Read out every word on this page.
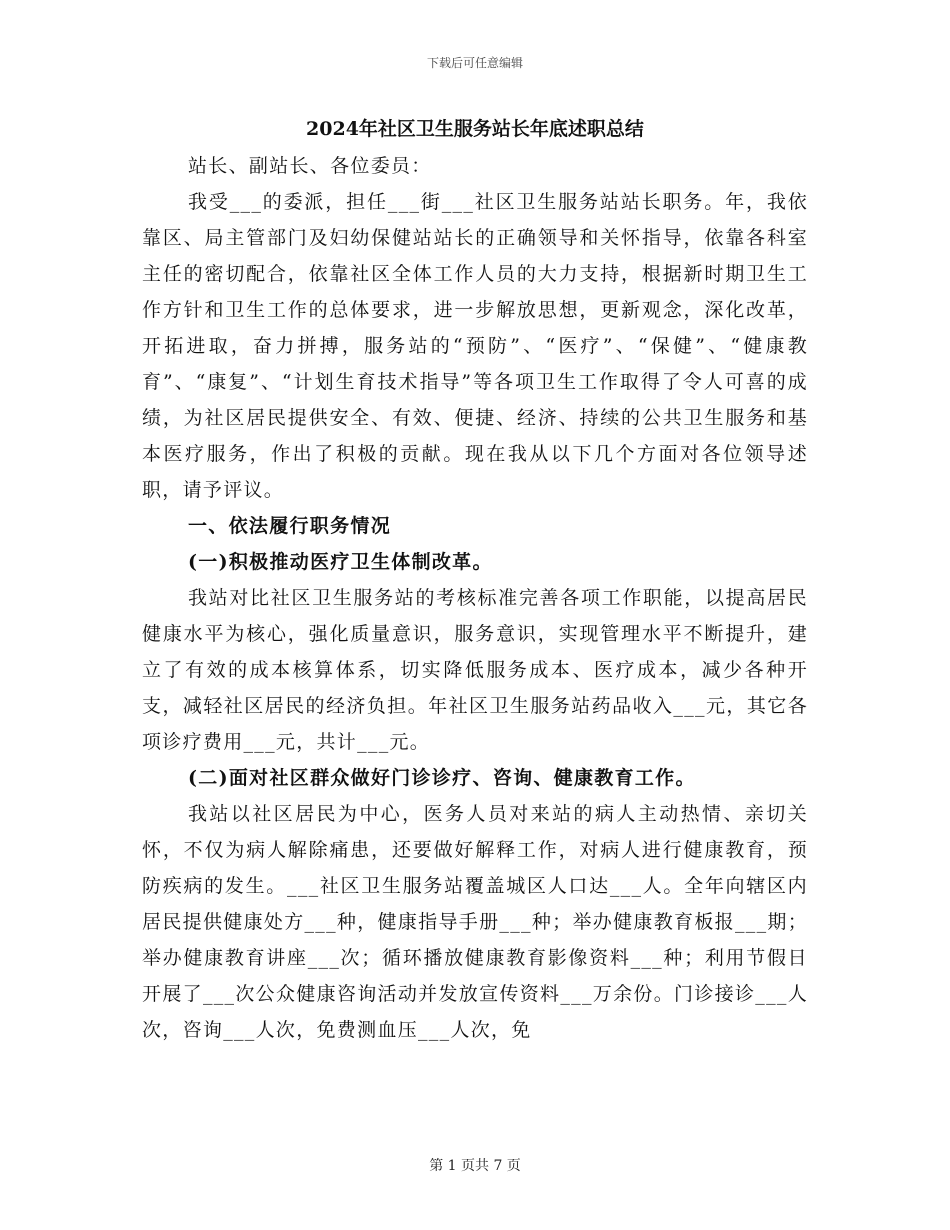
下载后可任意编辑
2024年社区卫生服务站长年底述职总结

站长、副站长、各位委员：

我受___的委派，担任___街___社区卫生服务站站长职务。年，我依靠区、局主管部门及妇幼保健站站长的正确领导和关怀指导，依靠各科室主任的密切配合，依靠社区全体工作人员的大力支持，根据新时期卫生工作方针和卫生工作的总体要求，进一步解放思想，更新观念，深化改革，开拓进取，奋力拼搏，服务站的“预防”、“医疗”、“保健”、“健康教育”、“康复”、“计划生育技术指导”等各项卫生工作取得了令人可喜的成绩，为社区居民提供安全、有效、便捷、经济、持续的公共卫生服务和基本医疗服务，作出了积极的贡献。现在我从以下几个方面对各位领导述职，请予评议。

一、依法履行职务情况

(一)积极推动医疗卫生体制改革。

我站对比社区卫生服务站的考核标准完善各项工作职能，以提高居民健康水平为核心，强化质量意识，服务意识，实现管理水平不断提升，建立了有效的成本核算体系，切实降低服务成本、医疗成本，减少各种开支，减轻社区居民的经济负担。年社区卫生服务站药品收入___元，其它各项诊疗费用___元，共计___元。

(二)面对社区群众做好门诊诊疗、咨询、健康教育工作。

我站以社区居民为中心，医务人员对来站的病人主动热情、亲切关怀，不仅为病人解除痛患，还要做好解释工作，对病人进行健康教育，预防疾病的发生。___社区卫生服务站覆盖城区人口达___人。全年向辖区内居民提供健康处方___种，健康指导手册___种；举办健康教育板报___期；举办健康教育讲座___次；循环播放健康教育影像资料___种；利用节假日开展了___次公众健康咨询活动并发放宣传资料___万余份。门诊接诊___人次，咨询___人次，免费测血压___人次，免

第 1 页共 7 页
